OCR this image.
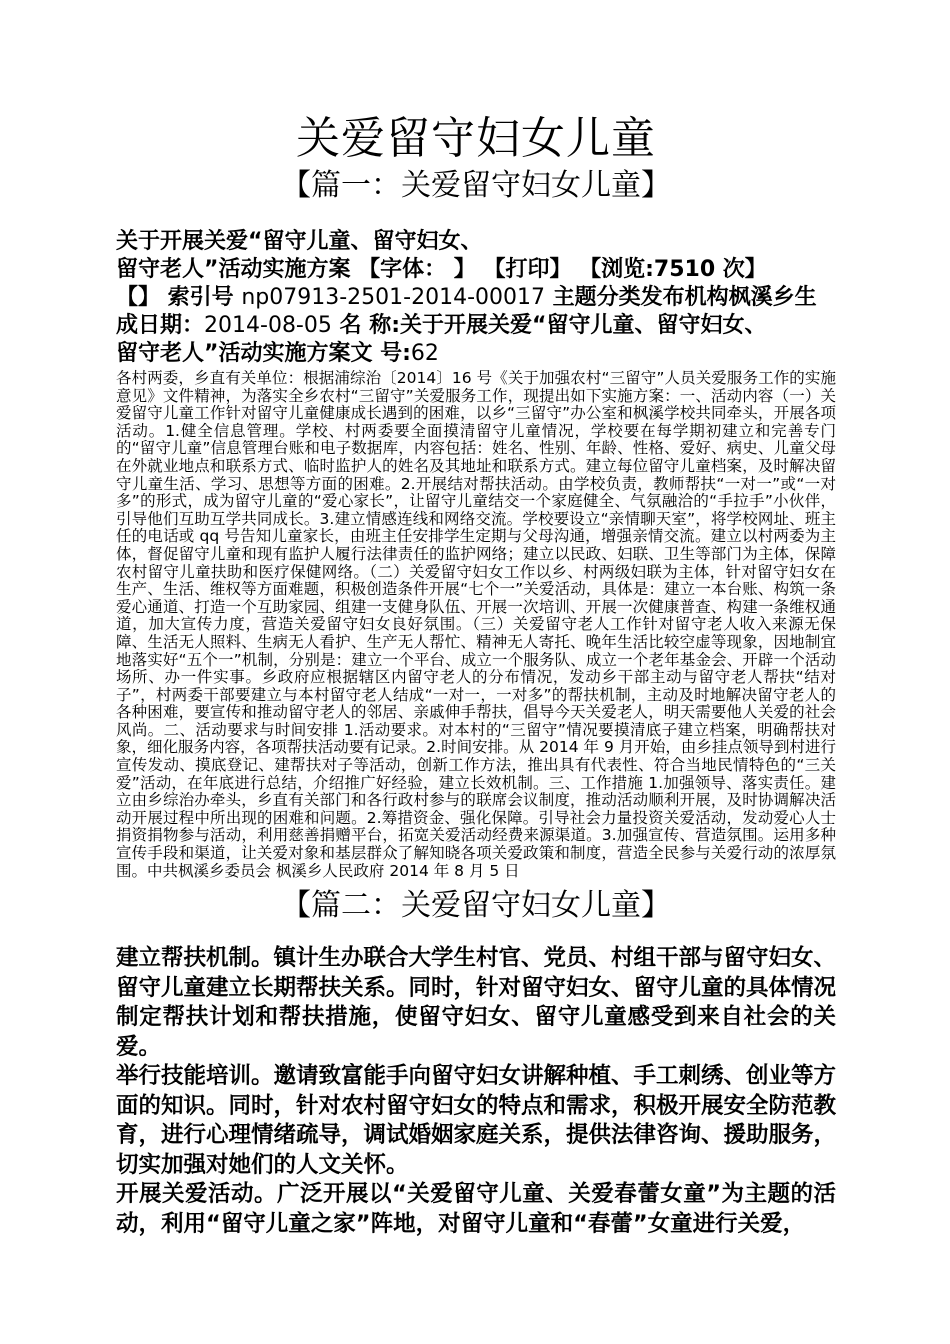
关爱留守妇女儿童
【篇一：关爱留守妇女儿童】
关于开展关爱“留守儿童、留守妇女、
留守老人”活动实施方案 【字体： 】 【打印】 【浏览:7510 次】
【】 索引号 np07913-2501-2014-00017 主题分类发布机构枫溪乡生
成日期：2014-08-05 名 称:关于开展关爱“留守儿童、留守妇女、
留守老人”活动实施方案文 号:62

各村两委，乡直有关单位：根据浦综治〔2014〕16 号《关于加强农村“三留守”人员关爱服务工作的实施意见》文件精神，为落实全乡农村“三留守”关爱服务工作，现提出如下实施方案：一、活动内容（一）关爱留守儿童工作针对留守儿童健康成长遇到的困难，以乡“三留守”办公室和枫溪学校共同牵头，开展各项活动。1.健全信息管理。学校、村两委要全面摸清留守儿童情况，学校要在每学期初建立和完善专门的“留守儿童”信息管理台账和电子数据库，内容包括：姓名、性别、年龄、性格、爱好、病史、儿童父母在外就业地点和联系方式、临时监护人的姓名及其地址和联系方式。建立每位留守儿童档案，及时解决留守儿童生活、学习、思想等方面的困难。2.开展结对帮扶活动。由学校负责，教师帮扶“一对一”或“一对多”的形式，成为留守儿童的“爱心家长”，让留守儿童结交一个家庭健全、气氛融洽的“手拉手”小伙伴，引导他们互助互学共同成长。3.建立情感连线和网络交流。学校要设立“亲情聊天室”，将学校网址、班主任的电话或 qq 号告知儿童家长，由班主任安排学生定期与父母沟通，增强亲情交流。建立以村两委为主体，督促留守儿童和现有监护人履行法律责任的监护网络；建立以民政、妇联、卫生等部门为主体，保障农村留守儿童扶助和医疗保健网络。（二）关爱留守妇女工作以乡、村两级妇联为主体，针对留守妇女在生产、生活、维权等方面难题，积极创造条件开展“七个一”关爱活动，具体是：建立一本台账、构筑一条爱心通道、打造一个互助家园、组建一支健身队伍、开展一次培训、开展一次健康普查、构建一条维权通道，加大宣传力度，营造关爱留守妇女良好氛围。（三）关爱留守老人工作针对留守老人收入来源无保障、生活无人照料、生病无人看护、生产无人帮忙、精神无人寄托、晚年生活比较空虚等现象，因地制宜地落实好“五个一”机制，分别是：建立一个平台、成立一个服务队、成立一个老年基金会、开辟一个活动场所、办一件实事。乡政府应根据辖区内留守老人的分布情况，发动乡干部主动与留守老人帮扶“结对子”，村两委干部要建立与本村留守老人结成“一对一，一对多”的帮扶机制，主动及时地解决留守老人的各种困难，要宣传和推动留守老人的邻居、亲戚伸手帮扶，倡导今天关爱老人，明天需要他人关爱的社会风尚。二、活动要求与时间安排 1.活动要求。对本村的“三留守”情况要摸清底子建立档案，明确帮扶对象，细化服务内容，各项帮扶活动要有记录。2.时间安排。从 2014 年 9 月开始，由乡挂点领导到村进行宣传发动、摸底登记、建帮扶对子等活动，创新工作方法，推出具有代表性、符合当地民情特色的“三关爱”活动，在年底进行总结，介绍推广好经验，建立长效机制。三、工作措施 1.加强领导、落实责任。建立由乡综治办牵头，乡直有关部门和各行政村参与的联席会议制度，推动活动顺利开展，及时协调解决活动开展过程中所出现的困难和问题。2.筹措资金、强化保障。引导社会力量投资关爱活动，发动爱心人士捐资捐物参与活动，利用慈善捐赠平台，拓宽关爱活动经费来源渠道。3.加强宣传、营造氛围。运用多种宣传手段和渠道，让关爱对象和基层群众了解知晓各项关爱政策和制度，营造全民参与关爱行动的浓厚氛围。中共枫溪乡委员会 枫溪乡人民政府 2014 年 8 月 5 日

【篇二：关爱留守妇女儿童】

建立帮扶机制。镇计生办联合大学生村官、党员、村组干部与留守妇女、留守儿童建立长期帮扶关系。同时，针对留守妇女、留守儿童的具体情况制定帮扶计划和帮扶措施，使留守妇女、留守儿童感受到来自社会的关爱。

举行技能培训。邀请致富能手向留守妇女讲解种植、手工刺绣、创业等方面的知识。同时，针对农村留守妇女的特点和需求，积极开展安全防范教育，进行心理情绪疏导，调试婚姻家庭关系，提供法律咨询、援助服务，切实加强对她们的人文关怀。

开展关爱活动。广泛开展以“关爱留守儿童、关爱春蕾女童”为主题的活动，利用“留守儿童之家”阵地，对留守儿童和“春蕾”女童进行关爱，
